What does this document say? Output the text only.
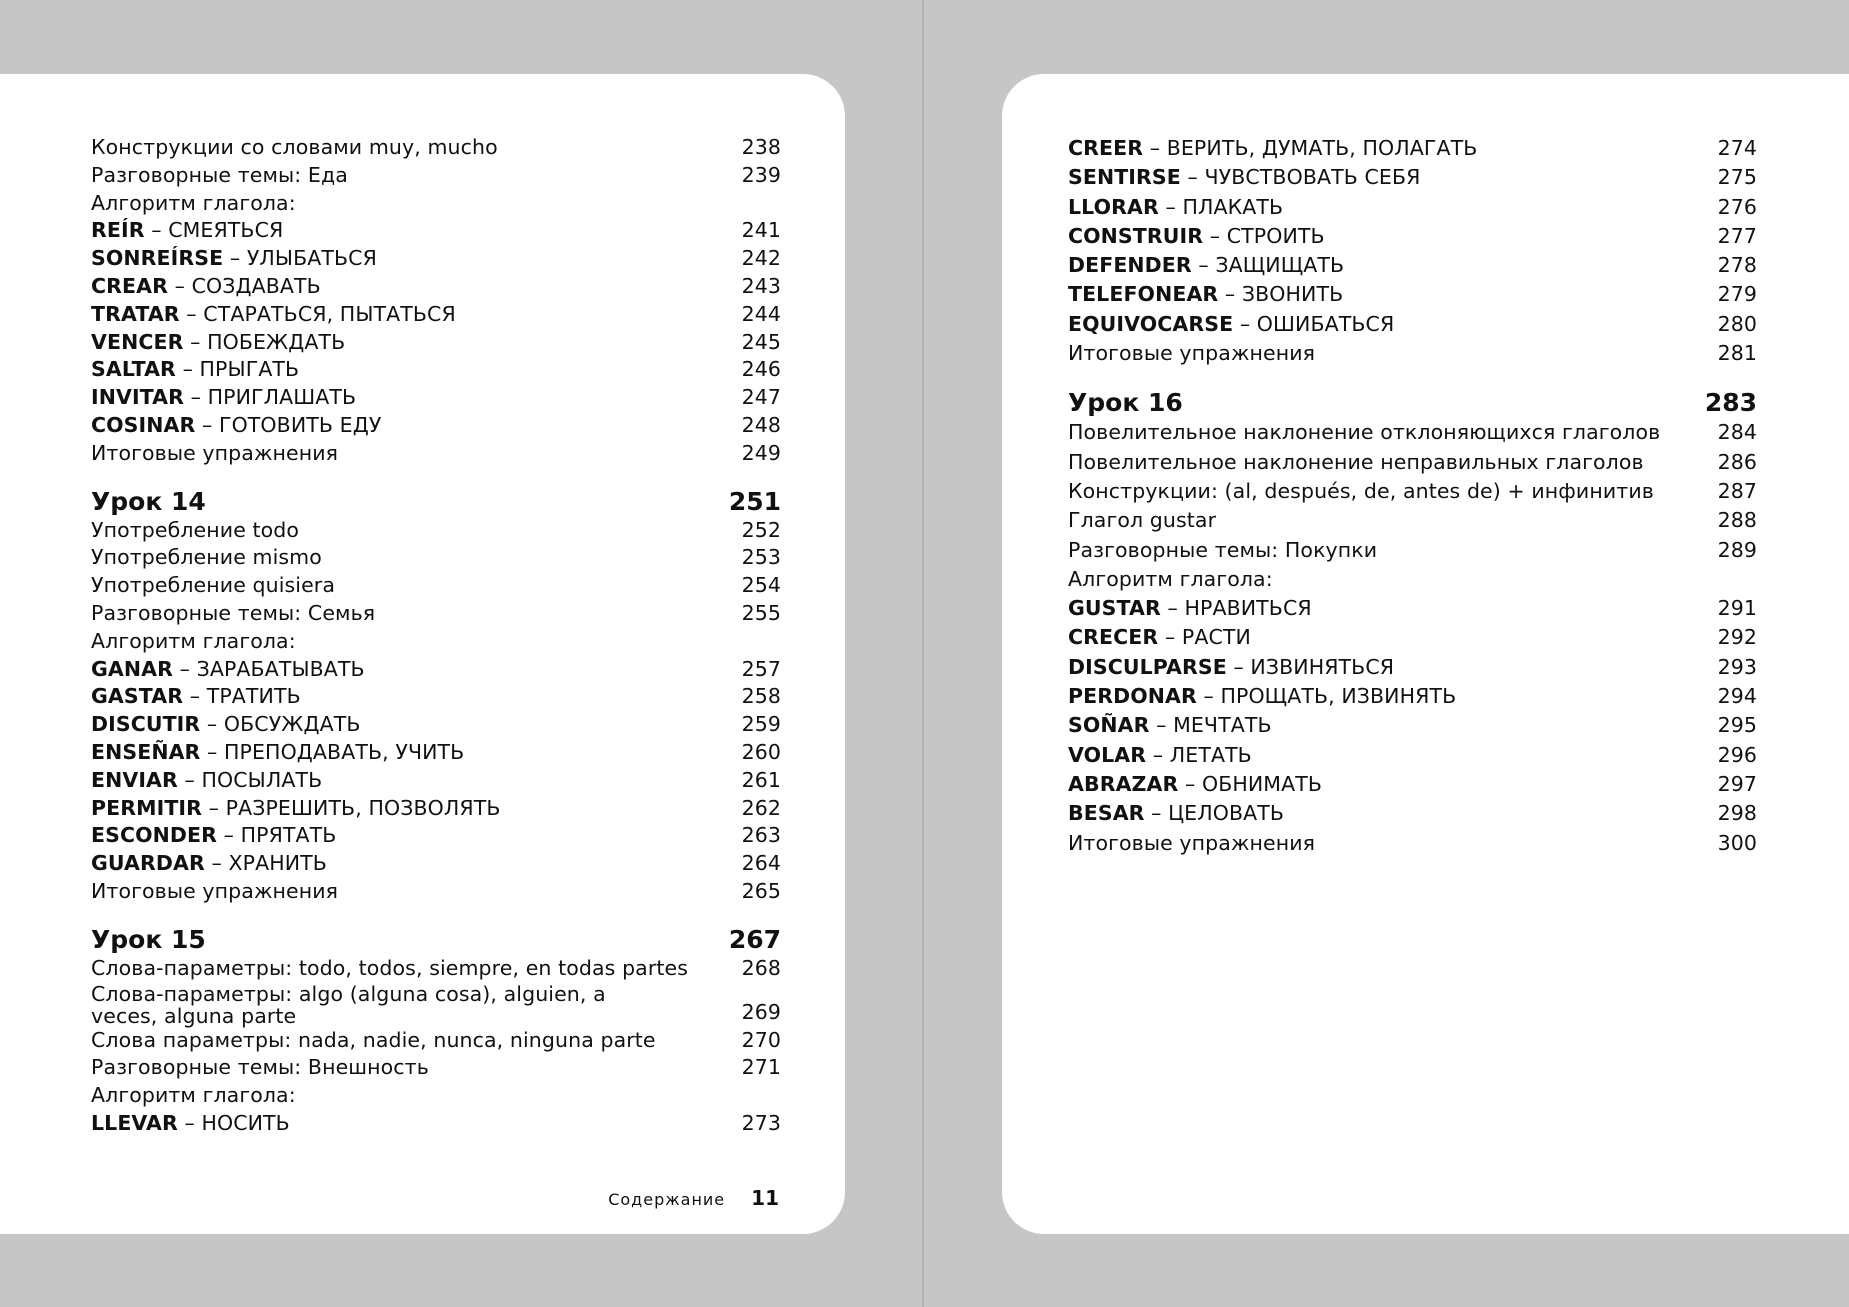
Конструкции со словами muy, mucho	238
Разговорные темы: Еда	239
Алгоритм глагола:
REÍR – СМЕЯТЬСЯ	241
SONREÍRSE – УЛЫБАТЬСЯ	242
CREAR – СОЗДАВАТЬ	243
TRATAR – СТАРАТЬСЯ, ПЫТАТЬСЯ	244
VENCER – ПОБЕЖДАТЬ	245
SALTAR – ПРЫГАТЬ	246
INVITAR – ПРИГЛАШАТЬ	247
COSINAR – ГОТОВИТЬ ЕДУ	248
Итоговые упражнения	249
Урок 14	251
Употребление todo	252
Употребление mismo	253
Употребление quisiera	254
Разговорные темы: Семья	255
Алгоритм глагола:
GANAR – ЗАРАБАТЫВАТЬ	257
GASTAR – ТРАТИТЬ	258
DISCUTIR – ОБСУЖДАТЬ	259
ENSEÑAR – ПРЕПОДАВАТЬ, УЧИТЬ	260
ENVIAR – ПОСЫЛАТЬ	261
PERMITIR – РАЗРЕШИТЬ, ПОЗВОЛЯТЬ	262
ESCONDER – ПРЯТАТЬ	263
GUARDAR – ХРАНИТЬ	264
Итоговые упражнения	265
Урок 15	267
Слова-параметры: todo, todos, siempre, en todas partes	268
Слова-параметры: algo (alguna cosa), alguien, a veces, alguna parte	269
Слова параметры: nada, nadie, nunca, ninguna parte	270
Разговорные темы: Внешность	271
Алгоритм глагола:
LLEVAR – НОСИТЬ	273
Содержание 11
CREER – ВЕРИТЬ, ДУМАТЬ, ПОЛАГАТЬ	274
SENTIRSE – ЧУВСТВОВАТЬ СЕБЯ	275
LLORAR – ПЛАКАТЬ	276
CONSTRUIR – СТРОИТЬ	277
DEFENDER – ЗАЩИЩАТЬ	278
TELEFONEAR – ЗВОНИТЬ	279
EQUIVOCARSE – ОШИБАТЬСЯ	280
Итоговые упражнения	281
Урок 16	283
Повелительное наклонение отклоняющихся глаголов	284
Повелительное наклонение неправильных глаголов	286
Конструкции: (al, después, de, antes de) + инфинитив	287
Глагол gustar	288
Разговорные темы: Покупки	289
Алгоритм глагола:
GUSTAR – НРАВИТЬСЯ	291
CRECER – РАСТИ	292
DISCULPARSE – ИЗВИНЯТЬСЯ	293
PERDONAR – ПРОЩАТЬ, ИЗВИНЯТЬ	294
SOÑAR – МЕЧТАТЬ	295
VOLAR – ЛЕТАТЬ	296
ABRAZAR – ОБНИМАТЬ	297
BESAR – ЦЕЛОВАТЬ	298
Итоговые упражнения	300
